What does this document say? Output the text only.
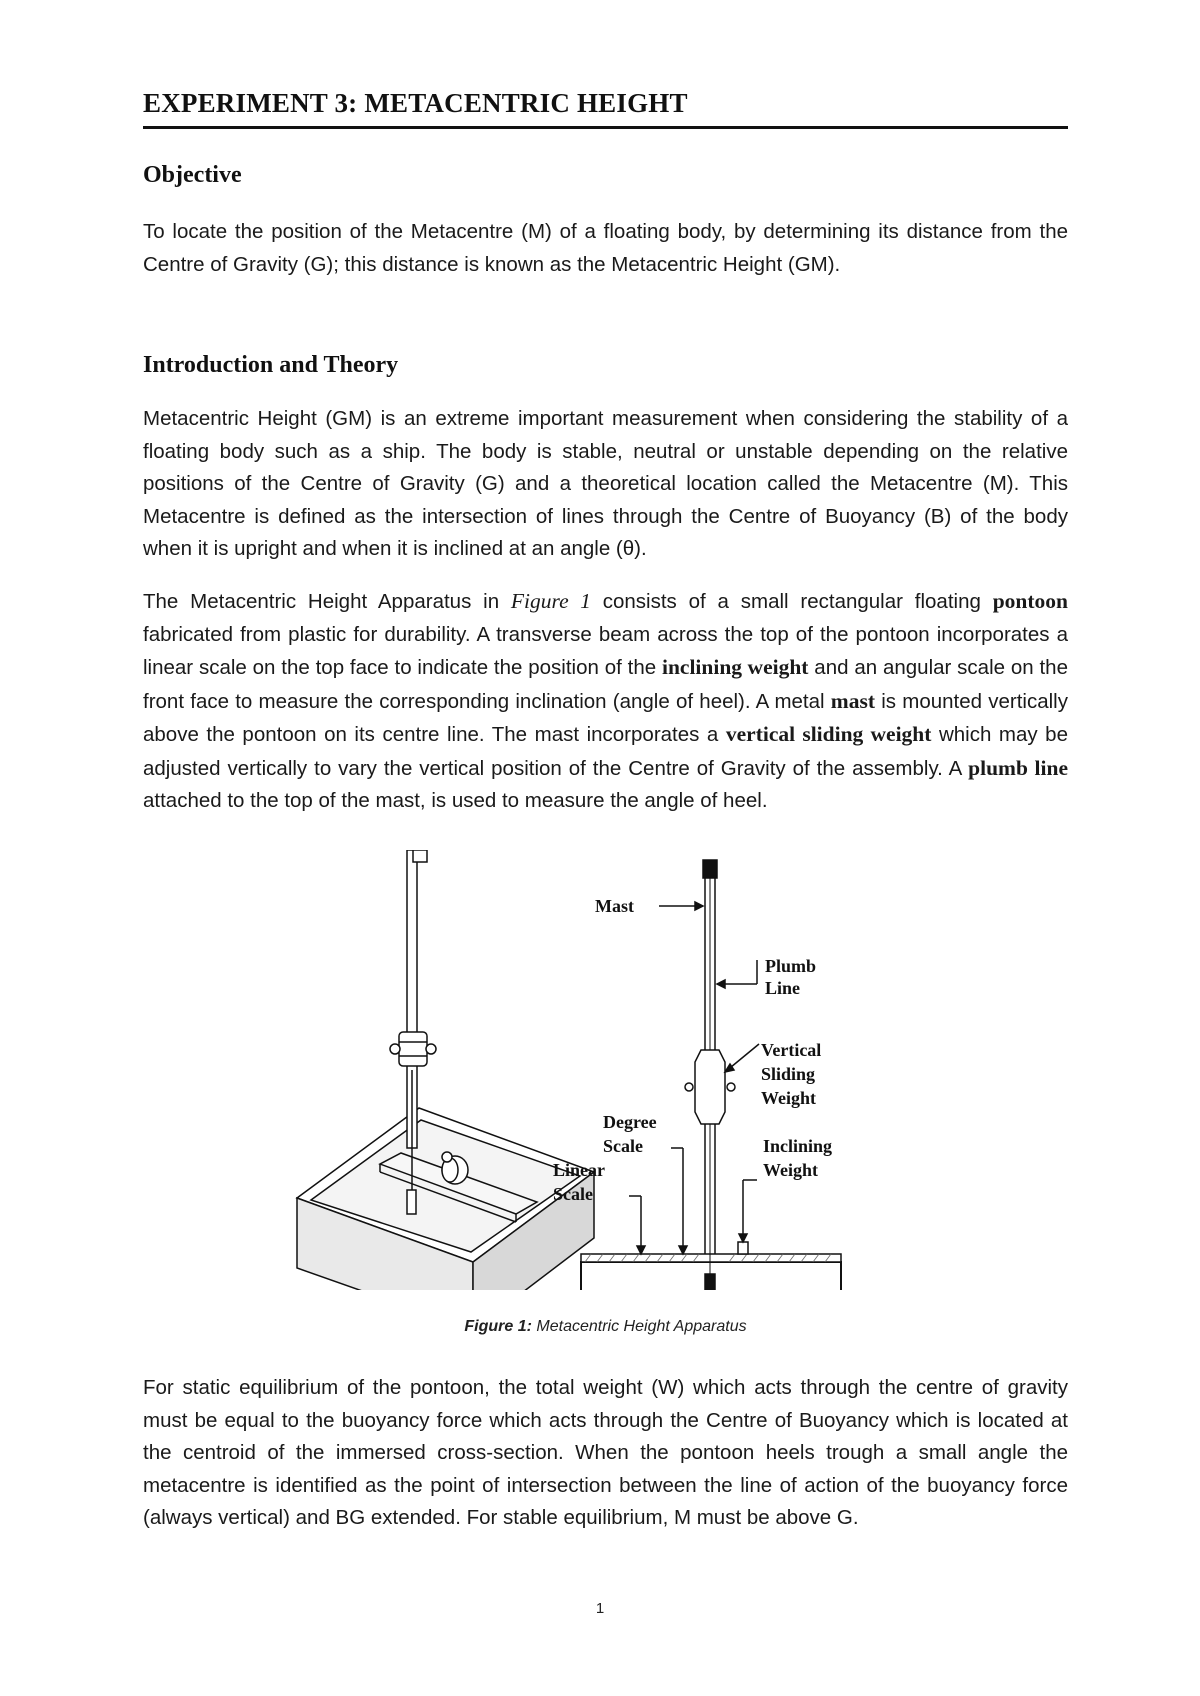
EXPERIMENT 3: METACENTRIC HEIGHT
Objective
To locate the position of the Metacentre (M) of a floating body, by determining its distance from the Centre of Gravity (G); this distance is known as the Metacentric Height (GM).
Introduction and Theory
Metacentric Height (GM) is an extreme important measurement when considering the stability of a floating body such as a ship. The body is stable, neutral or unstable depending on the relative positions of the Centre of Gravity (G) and a theoretical location called the Metacentre (M). This Metacentre is defined as the intersection of lines through the Centre of Buoyancy (B) of the body when it is upright and when it is inclined at an angle (θ).
The Metacentric Height Apparatus in Figure 1 consists of a small rectangular floating pontoon fabricated from plastic for durability. A transverse beam across the top of the pontoon incorporates a linear scale on the top face to indicate the position of the inclining weight and an angular scale on the front face to measure the corresponding inclination (angle of heel). A metal mast is mounted vertically above the pontoon on its centre line. The mast incorporates a vertical sliding weight which may be adjusted vertically to vary the vertical position of the Centre of Gravity of the assembly. A plumb line attached to the top of the mast, is used to measure the angle of heel.
Mast
Plumb
Line
Vertical
Sliding
Weight
Degree
Scale
Linear
Scale
Inclining
Weight
Figure 1: Metacentric Height Apparatus
For static equilibrium of the pontoon, the total weight (W) which acts through the centre of gravity must be equal to the buoyancy force which acts through the Centre of Buoyancy which is located at the centroid of the immersed cross-section. When the pontoon heels trough a small angle the metacentre is identified as the point of intersection between the line of action of the buoyancy force (always vertical) and BG extended. For stable equilibrium, M must be above G.
1
